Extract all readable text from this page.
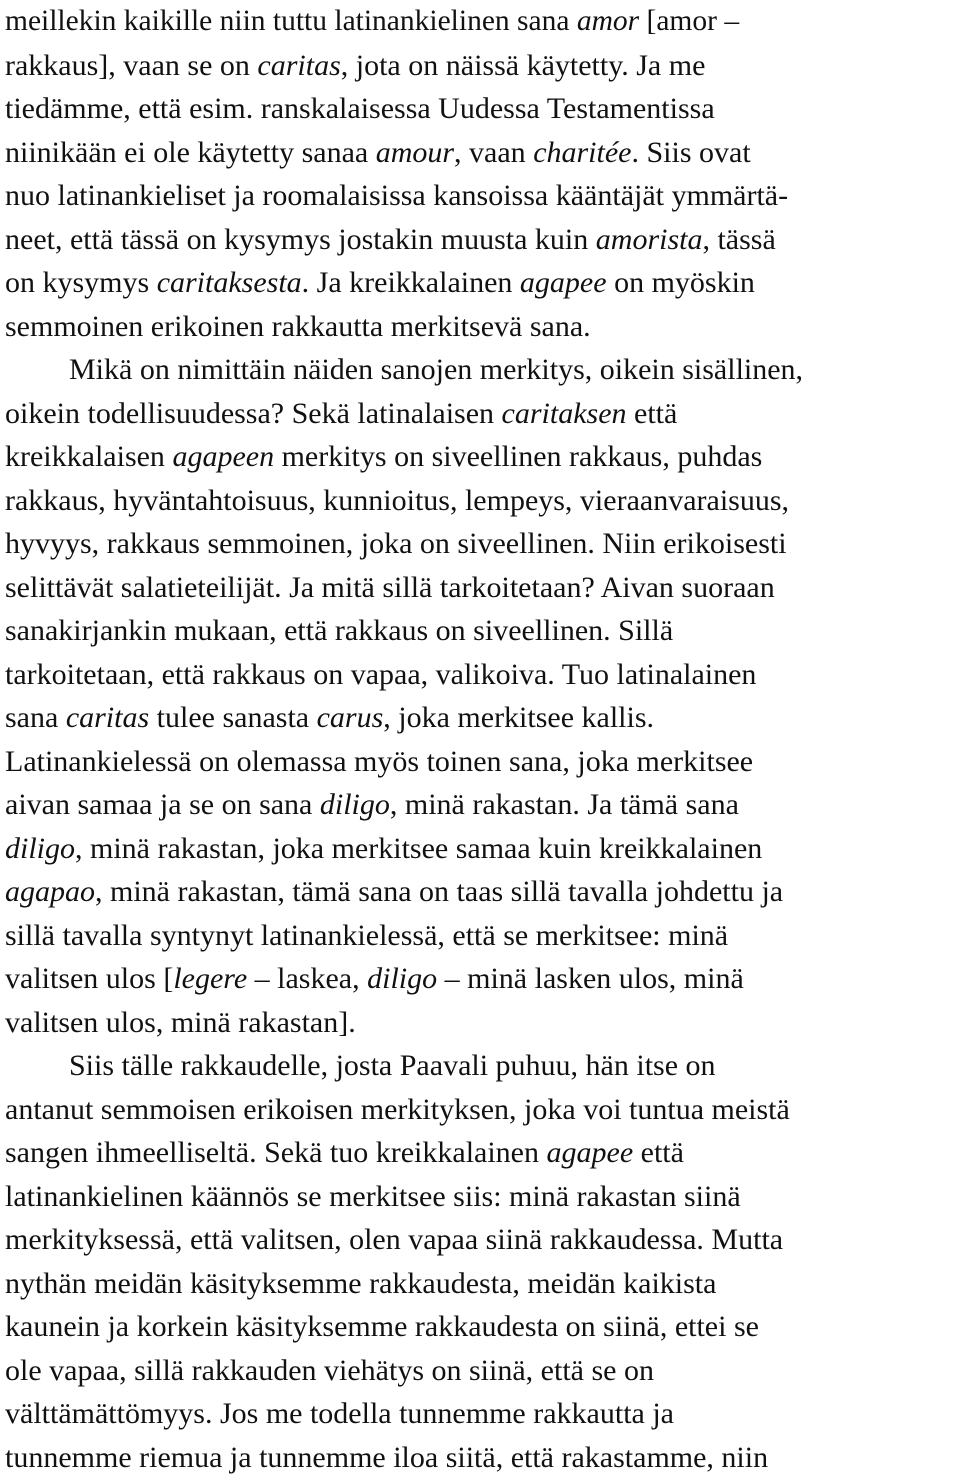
meillekin kaikille niin tuttu latinankielinen sana amor [amor –
rakkaus], vaan se on caritas, jota on näissä käytetty. Ja me
tiedämme, että esim. ranskalaisessa Uudessa Testamentissa
niinikään ei ole käytetty sanaa amour, vaan charitée. Siis ovat
nuo latinankieliset ja roomalaisissa kansoissa kääntäjät ymmärtä-
neet, että tässä on kysymys jostakin muusta kuin amorista, tässä
on kysymys caritaksesta. Ja kreikkalainen agapee on myöskin
semmoinen erikoinen rakkautta merkitsevä sana.
Mikä on nimittäin näiden sanojen merkitys, oikein sisällinen,
oikein todellisuudessa? Sekä latinalaisen caritaksen että
kreikkalaisen agapeen merkitys on siveellinen rakkaus, puhdas
rakkaus, hyväntahtoisuus, kunnioitus, lempeys, vieraanvaraisuus,
hyvyys, rakkaus semmoinen, joka on siveellinen. Niin erikoisesti
selittävät salatieteilijät. Ja mitä sillä tarkoitetaan? Aivan suoraan
sanakirjankin mukaan, että rakkaus on siveellinen. Sillä
tarkoitetaan, että rakkaus on vapaa, valikoiva. Tuo latinalainen
sana caritas tulee sanasta carus, joka merkitsee kallis.
Latinankielessä on olemassa myös toinen sana, joka merkitsee
aivan samaa ja se on sana diligo, minä rakastan. Ja tämä sana
diligo, minä rakastan, joka merkitsee samaa kuin kreikkalainen
agapao, minä rakastan, tämä sana on taas sillä tavalla johdettu ja
sillä tavalla syntynyt latinankielessä, että se merkitsee: minä
valitsen ulos [legere – laskea, diligo – minä lasken ulos, minä
valitsen ulos, minä rakastan].
Siis tälle rakkaudelle, josta Paavali puhuu, hän itse on
antanut semmoisen erikoisen merkityksen, joka voi tuntua meistä
sangen ihmeelliseltä. Sekä tuo kreikkalainen agapee että
latinankielinen käännös se merkitsee siis: minä rakastan siinä
merkityksessä, että valitsen, olen vapaa siinä rakkaudessa. Mutta
nythän meidän käsityksemme rakkaudesta, meidän kaikista
kaunein ja korkein käsityksemme rakkaudesta on siinä, ettei se
ole vapaa, sillä rakkauden viehätys on siinä, että se on
välttämättömyys. Jos me todella tunnemme rakkautta ja
tunnemme riemua ja tunnemme iloa siitä, että rakastamme, niin
